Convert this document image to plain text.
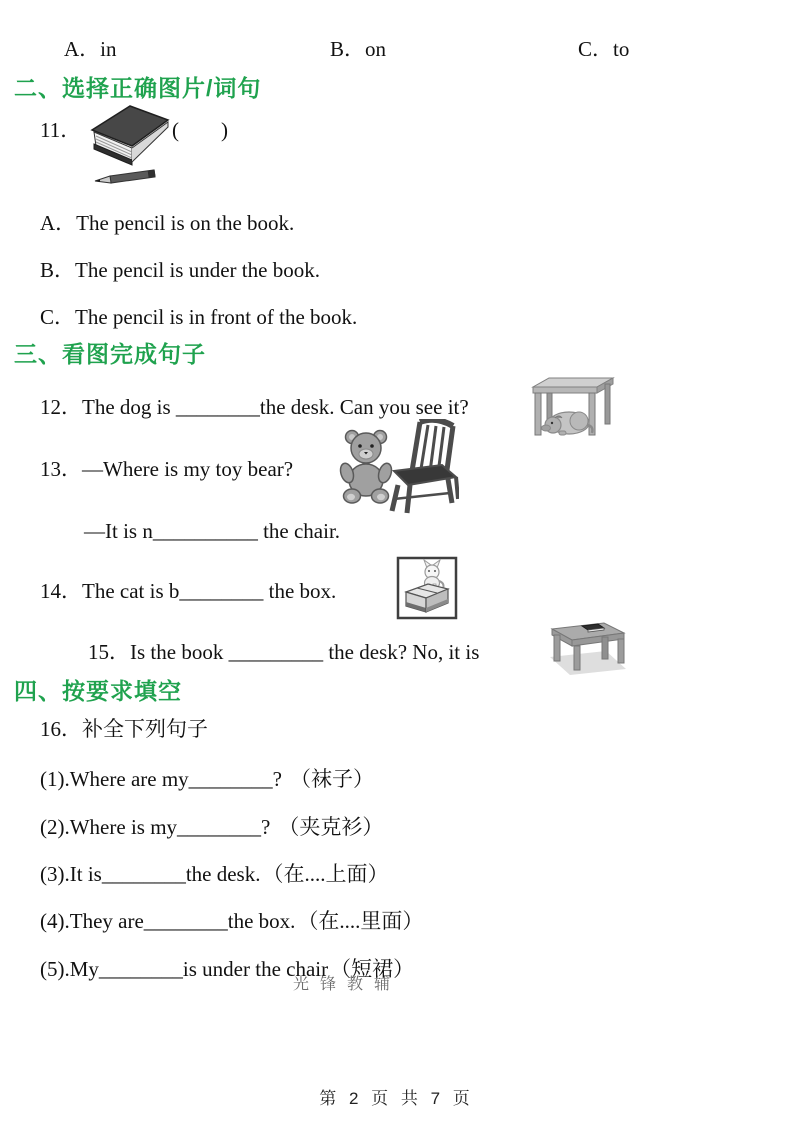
A．in	B．on	C．to
二、选择正确图片/词句
11．	(　　)
A．The pencil is on the book.
B．The pencil is under the book.
C．The pencil is in front of the book.
三、看图完成句子
12．The dog is ________the desk. Can you see it?
13．—Where is my toy bear?
—It is n__________ the chair.
14．The cat is b________ the box.
15．Is the book _________ the desk? No, it is
四、按要求填空
16．补全下列句子
(1).Where are my________? （袜子）
(2).Where is my________? （夹克衫）
(3).It is________the desk.（在....上面）
(4).They are________the box.（在....里面）
(5).My________is under the chair（短裙）
光锋教辅
第 2 页 共 7 页
